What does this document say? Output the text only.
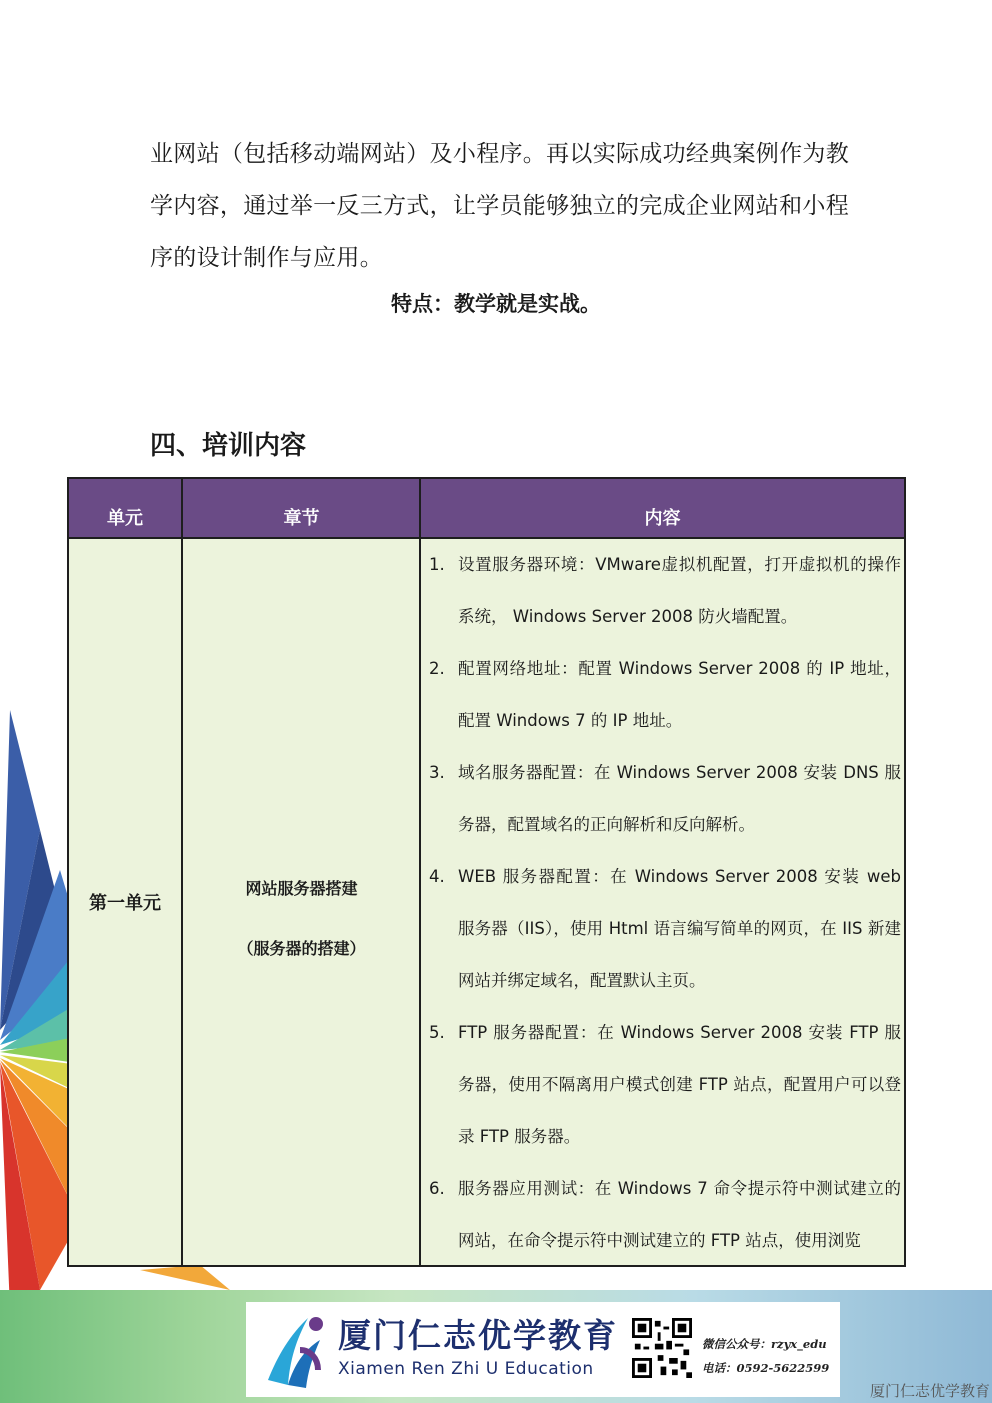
业网站（包括移动端网站）及小程序。再以实际成功经典案例作为教

学内容，通过举一反三方式，让学员能够独立的完成企业网站和小程

序的设计制作与应用。

特点：教学就是实战。
四、培训内容
单元	章节	内容
第一单元
网站服务器搭建
（服务器的搭建）
1. 设置服务器环境：VMware虚拟机配置，打开虚拟机的操作系统， Windows Server 2008 防火墙配置。
2. 配置网络地址：配置 Windows Server 2008 的 IP 地址，配置 Windows 7 的 IP 地址。
3. 域名服务器配置：在 Windows Server 2008 安装 DNS 服务器，配置域名的正向解析和反向解析。
4. WEB 服务器配置：在 Windows Server 2008 安装 web 服务器（IIS），使用 Html 语言编写简单的网页，在 IIS 新建网站并绑定域名，配置默认主页。
5. FTP 服务器配置：在 Windows Server 2008 安装 FTP 服务器，使用不隔离用户模式创建 FTP 站点，配置用户可以登录 FTP 服务器。
6. 服务器应用测试：在 Windows 7 命令提示符中测试建立的网站，在命令提示符中测试建立的 FTP 站点，使用浏览
厦门仁志优学教育
Xiamen Ren Zhi U Education
微信公众号：rzyx_edu
电话：0592-5622599
厦门仁志优学教育
